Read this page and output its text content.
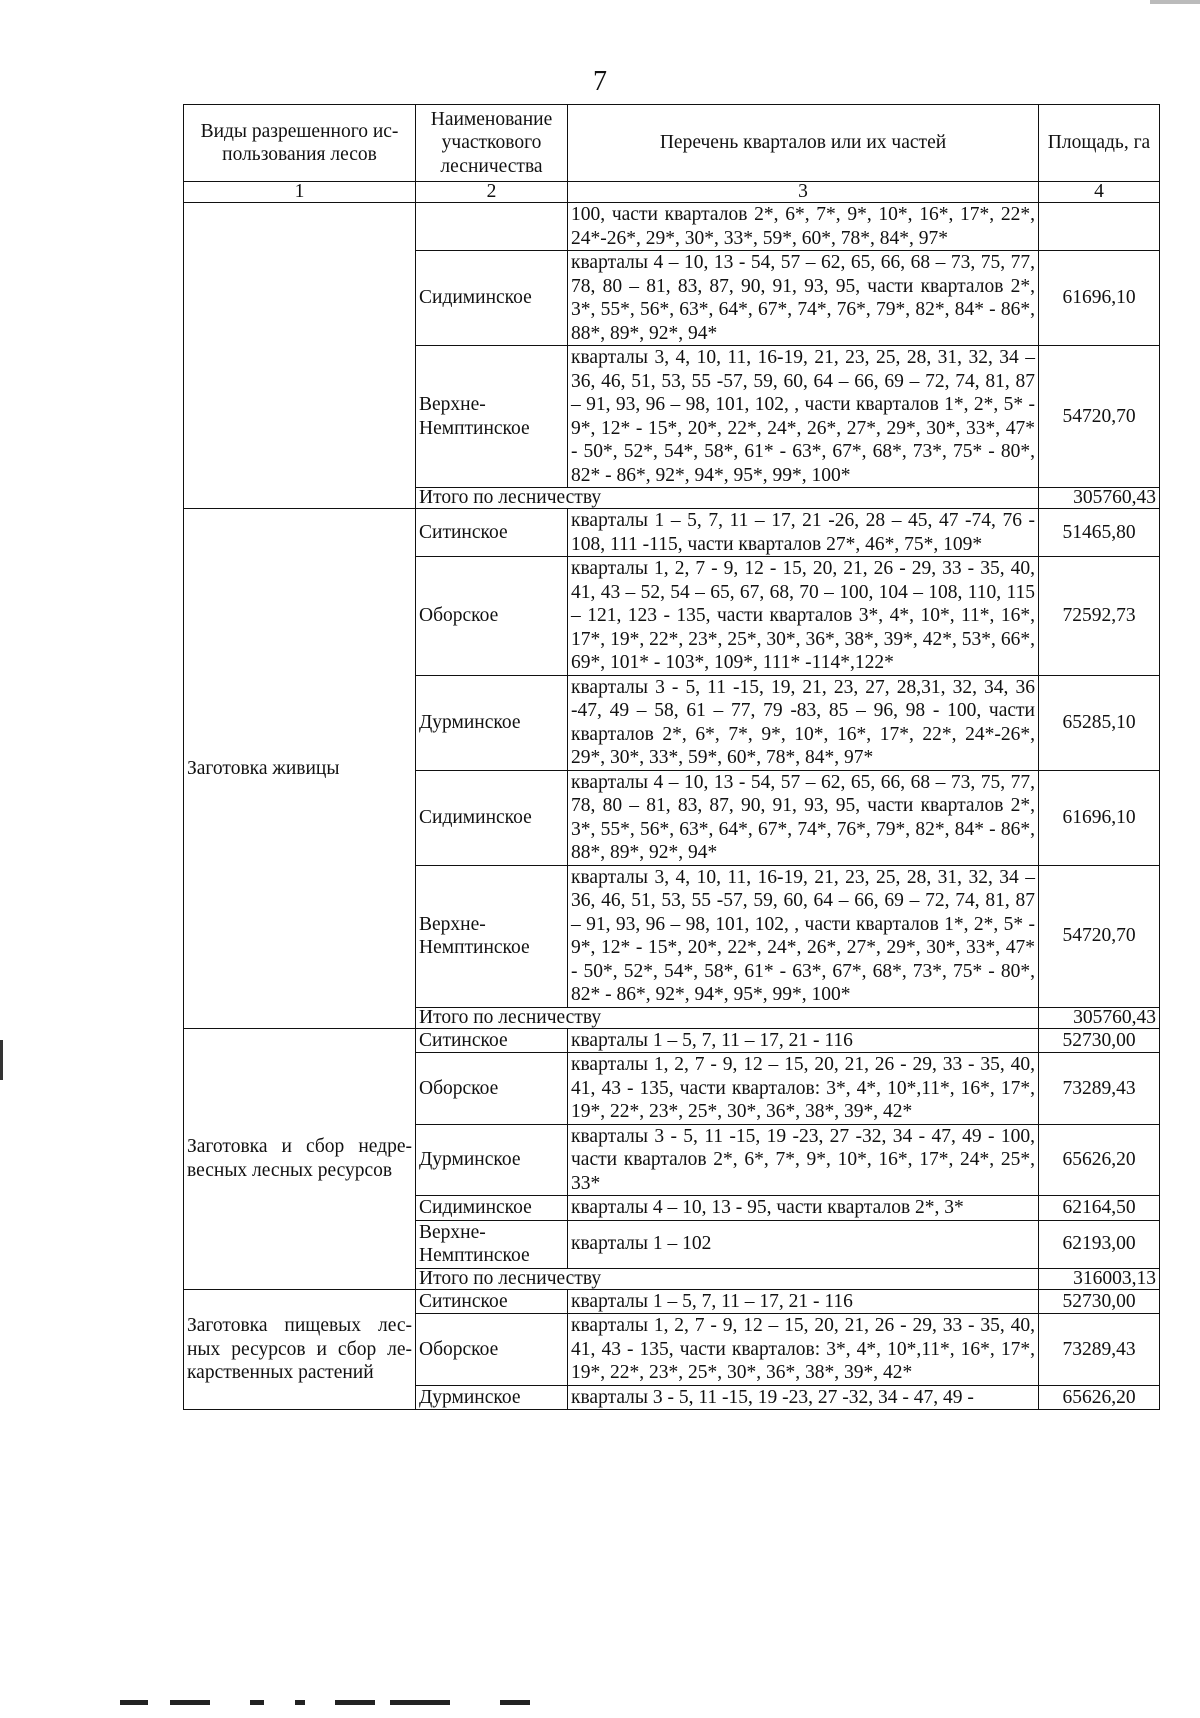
7
Виды разрешенного ис-пользования лесов	Наименование участкового лесничества	Перечень кварталов или их частей	Площадь, га
1	2	3	4
		100, части кварталов 2*, 6*, 7*, 9*, 10*, 16*, 17*, 22*, 24*-26*, 29*, 30*, 33*, 59*, 60*, 78*, 84*, 97*	
	Сидиминское	кварталы 4 – 10, 13 - 54, 57 – 62, 65, 66, 68 – 73, 75, 77, 78, 80 – 81, 83, 87, 90, 91, 93, 95, части кварталов 2*, 3*, 55*, 56*, 63*, 64*, 67*, 74*, 76*, 79*, 82*, 84* - 86*, 88*, 89*, 92*, 94*	61696,10
	Верхне-Немптинское	кварталы 3, 4, 10, 11, 16-19, 21, 23, 25, 28, 31, 32, 34 – 36, 46, 51, 53, 55 -57, 59, 60, 64 – 66, 69 – 72, 74, 81, 87 – 91, 93, 96 – 98, 101, 102, , части кварталов 1*, 2*, 5* - 9*, 12* - 15*, 20*, 22*, 24*, 26*, 27*, 29*, 30*, 33*, 47* - 50*, 52*, 54*, 58*, 61* - 63*, 67*, 68*, 73*, 75* - 80*, 82* - 86*, 92*, 94*, 95*, 99*, 100*	54720,70
	Итого по лесничеству		305760,43
Заготовка живицы	Ситинское	кварталы 1 – 5, 7, 11 – 17, 21 -26, 28 – 45, 47 -74, 76 - 108, 111 -115, части кварталов 27*, 46*, 75*, 109*	51465,80
	Оборское	кварталы 1, 2, 7 - 9, 12 - 15, 20, 21, 26 - 29, 33 - 35, 40, 41, 43 – 52, 54 – 65, 67, 68, 70 – 100, 104 – 108, 110, 115 – 121, 123 - 135, части кварталов 3*, 4*, 10*, 11*, 16*, 17*, 19*, 22*, 23*, 25*, 30*, 36*, 38*, 39*, 42*, 53*, 66*, 69*, 101* - 103*, 109*, 111* -114*,122*	72592,73
	Дурминское	кварталы 3 - 5, 11 -15, 19, 21, 23, 27, 28,31, 32, 34, 36 -47, 49 – 58, 61 – 77, 79 -83, 85 – 96, 98 - 100, части кварталов 2*, 6*, 7*, 9*, 10*, 16*, 17*, 22*, 24*-26*, 29*, 30*, 33*, 59*, 60*, 78*, 84*, 97*	65285,10
	Сидиминское	кварталы 4 – 10, 13 - 54, 57 – 62, 65, 66, 68 – 73, 75, 77, 78, 80 – 81, 83, 87, 90, 91, 93, 95, части кварталов 2*, 3*, 55*, 56*, 63*, 64*, 67*, 74*, 76*, 79*, 82*, 84* - 86*, 88*, 89*, 92*, 94*	61696,10
	Верхне-Немптинское	кварталы 3, 4, 10, 11, 16-19, 21, 23, 25, 28, 31, 32, 34 – 36, 46, 51, 53, 55 -57, 59, 60, 64 – 66, 69 – 72, 74, 81, 87 – 91, 93, 96 – 98, 101, 102, , части кварталов 1*, 2*, 5* - 9*, 12* - 15*, 20*, 22*, 24*, 26*, 27*, 29*, 30*, 33*, 47* - 50*, 52*, 54*, 58*, 61* - 63*, 67*, 68*, 73*, 75* - 80*, 82* - 86*, 92*, 94*, 95*, 99*, 100*	54720,70
	Итого по лесничеству		305760,43

Заготовка и сбор недре-весных лесных ресурсов	Ситинское	кварталы 1 – 5, 7, 11 – 17, 21 - 116	52730,00
	Оборское	кварталы 1, 2, 7 - 9, 12 – 15, 20, 21, 26 - 29, 33 - 35, 40, 41, 43 - 135, части кварталов: 3*, 4*, 10*,11*, 16*, 17*, 19*, 22*, 23*, 25*, 30*, 36*, 38*, 39*, 42*	73289,43
	Дурминское	кварталы 3 - 5, 11 -15, 19 -23, 27 -32, 34 - 47, 49 - 100, части кварталов 2*, 6*, 7*, 9*, 10*, 16*, 17*, 24*, 25*, 33*	65626,20
	Сидиминское	кварталы 4 – 10, 13 - 95, части кварталов 2*, 3*	62164,50
	Верхне-Немптинское	кварталы 1 – 102	62193,00
	Итого по лесничеству		316003,13

Заготовка пищевых лес-ных ресурсов и сбор ле-карственных растений	Ситинское	кварталы 1 – 5, 7, 11 – 17, 21 - 116	52730,00
	Оборское	кварталы 1, 2, 7 - 9, 12 – 15, 20, 21, 26 - 29, 33 - 35, 40, 41, 43 - 135, части кварталов: 3*, 4*, 10*,11*, 16*, 17*, 19*, 22*, 23*, 25*, 30*, 36*, 38*, 39*, 42*	73289,43
	Дурминское	кварталы 3 - 5, 11 -15, 19 -23, 27 -32, 34 - 47, 49 -	65626,20
